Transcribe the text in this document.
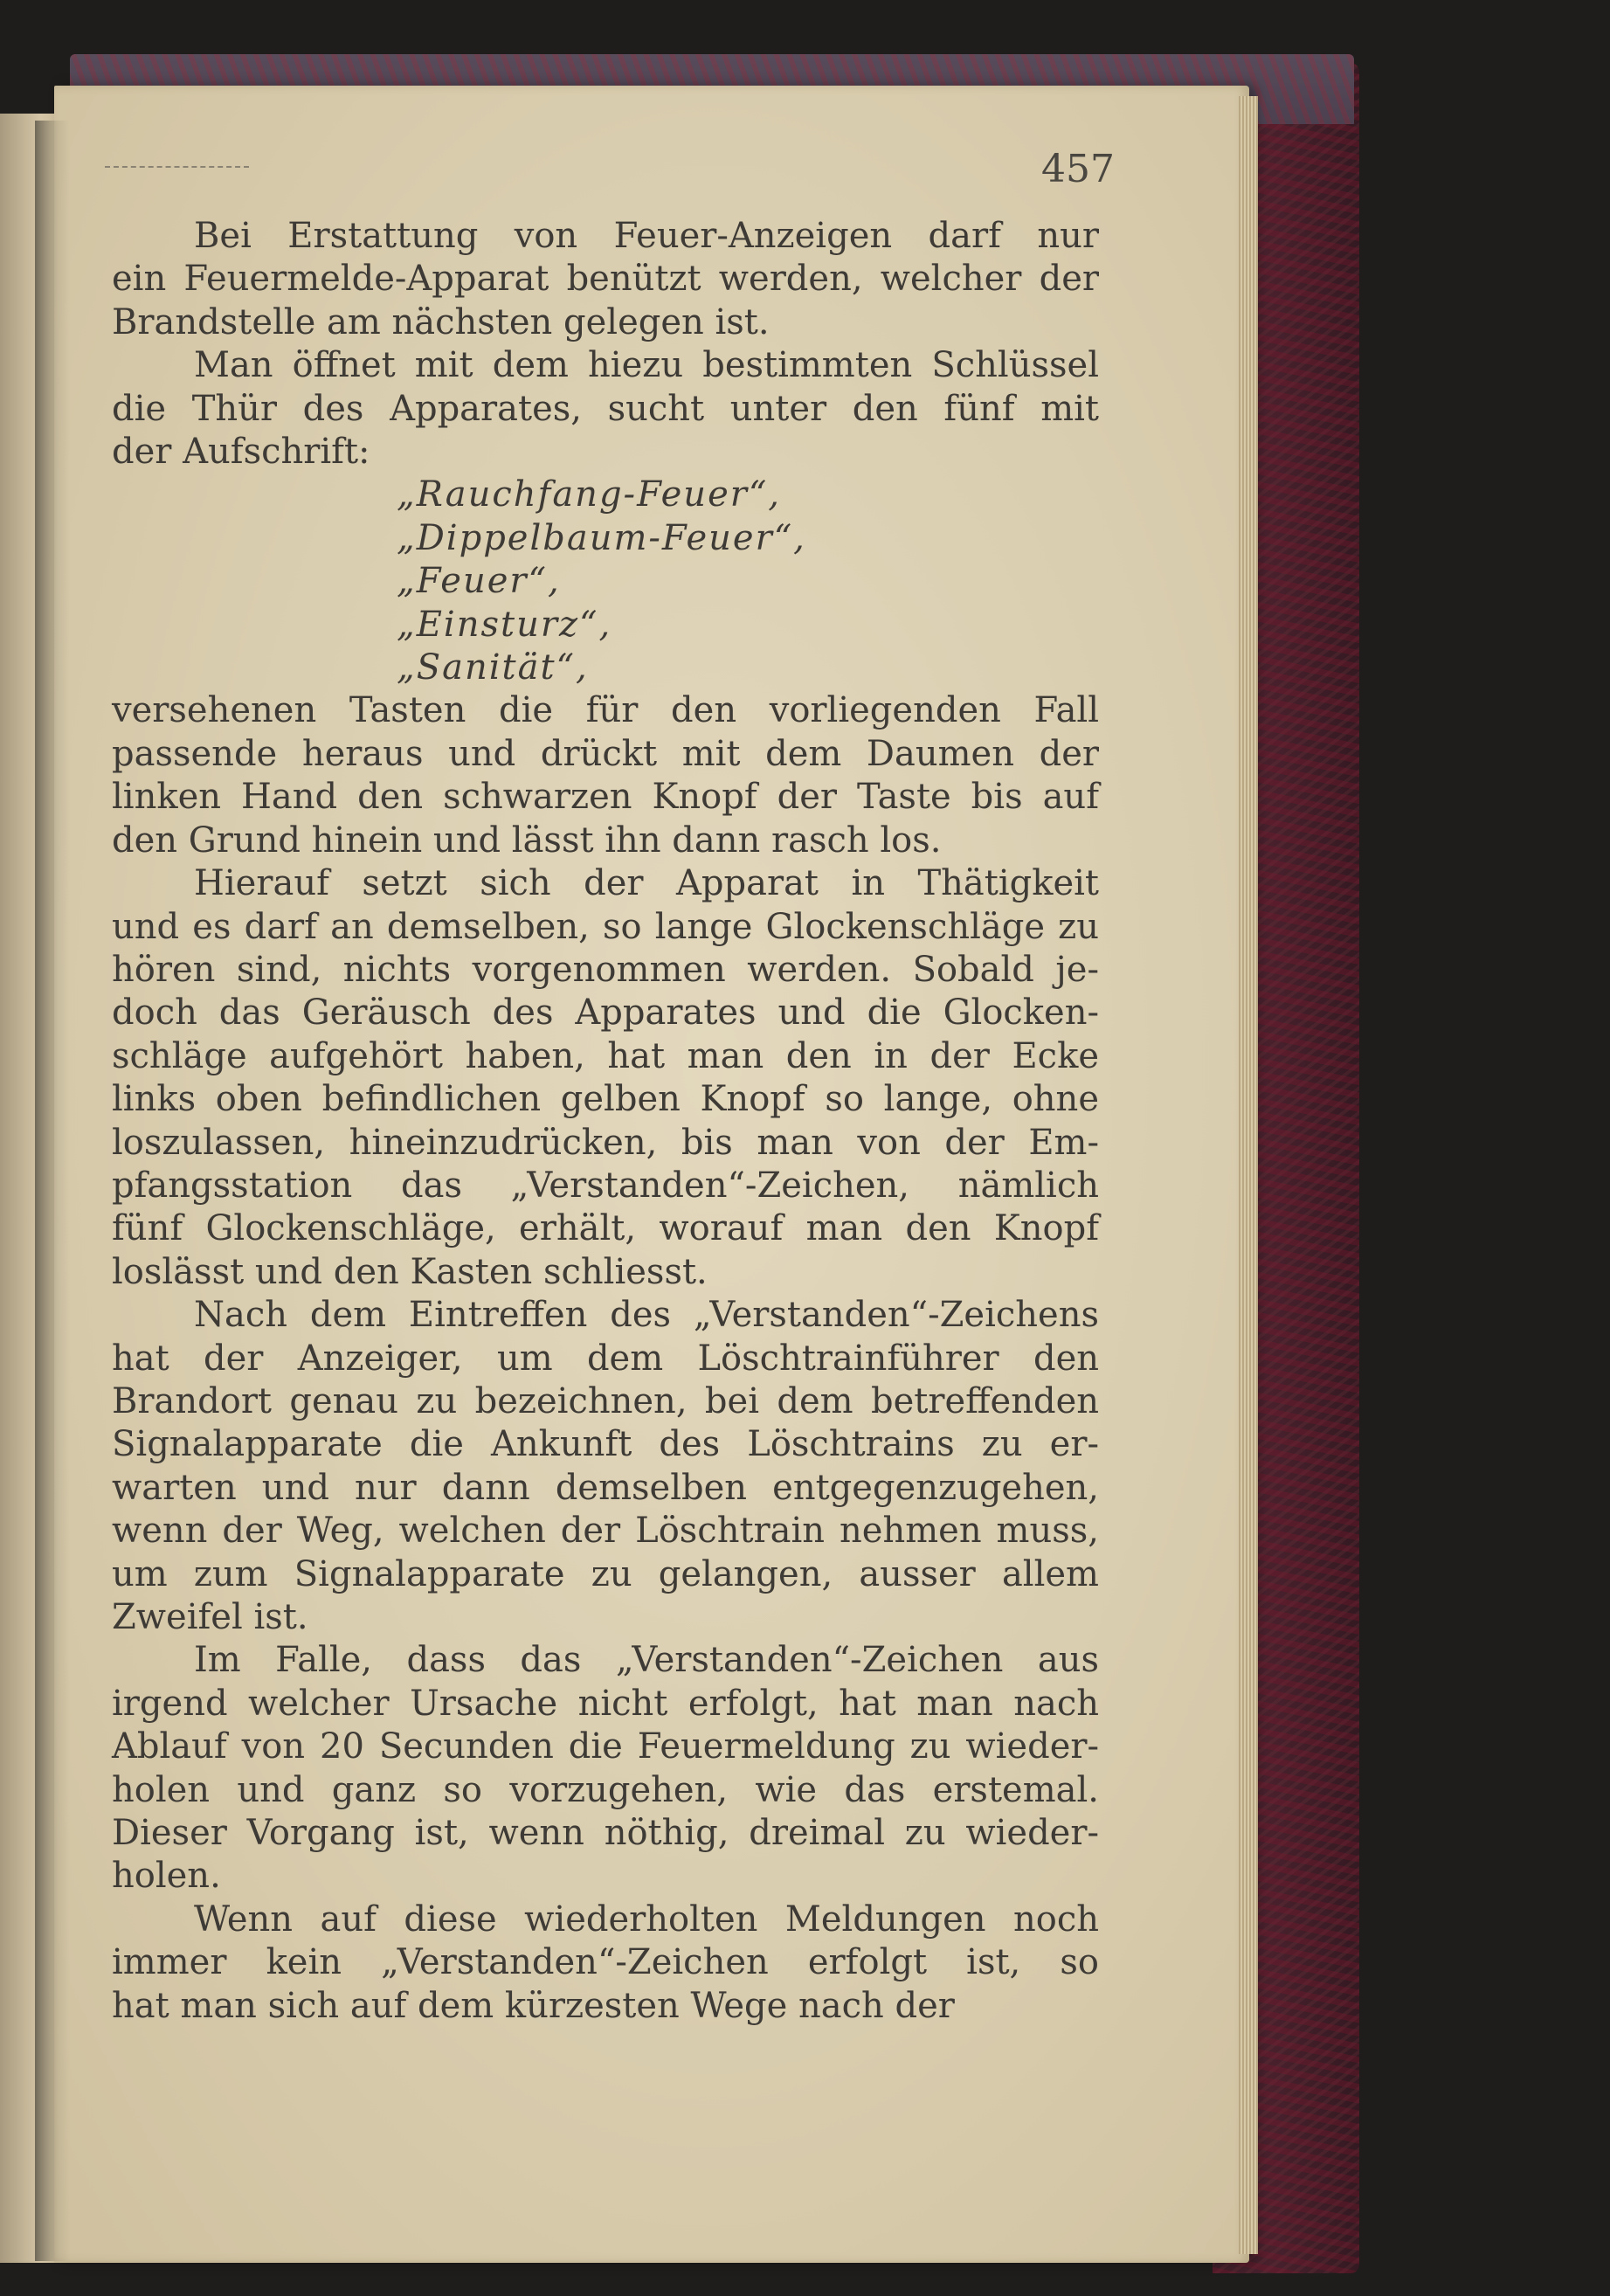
457
Bei Erstattung von Feuer-Anzeigen darf nur
ein Feuermelde-Apparat benützt werden, welcher der
Brandstelle am nächsten gelegen ist.
Man öffnet mit dem hiezu bestimmten Schlüssel
die Thür des Apparates, sucht unter den fünf mit
der Aufschrift:
„Rauchfang-Feuer“,
„Dippelbaum-Feuer“,
„Feuer“,
„Einsturz“,
„Sanität“,
versehenen Tasten die für den vorliegenden Fall
passende heraus und drückt mit dem Daumen der
linken Hand den schwarzen Knopf der Taste bis auf
den Grund hinein und lässt ihn dann rasch los.
Hierauf setzt sich der Apparat in Thätigkeit
und es darf an demselben, so lange Glockenschläge zu
hören sind, nichts vorgenommen werden. Sobald je-
doch das Geräusch des Apparates und die Glocken-
schläge aufgehört haben, hat man den in der Ecke
links oben befindlichen gelben Knopf so lange, ohne
loszulassen, hineinzudrücken, bis man von der Em-
pfangsstation das „Verstanden“-Zeichen, nämlich
fünf Glockenschläge, erhält, worauf man den Knopf
loslässt und den Kasten schliesst.
Nach dem Eintreffen des „Verstanden“-Zeichens
hat der Anzeiger, um dem Löschtrainführer den
Brandort genau zu bezeichnen, bei dem betreffenden
Signalapparate die Ankunft des Löschtrains zu er-
warten und nur dann demselben entgegenzugehen,
wenn der Weg, welchen der Löschtrain nehmen muss,
um zum Signalapparate zu gelangen, ausser allem
Zweifel ist.
Im Falle, dass das „Verstanden“-Zeichen aus
irgend welcher Ursache nicht erfolgt, hat man nach
Ablauf von 20 Secunden die Feuermeldung zu wieder-
holen und ganz so vorzugehen, wie das erstemal.
Dieser Vorgang ist, wenn nöthig, dreimal zu wieder-
holen.
Wenn auf diese wiederholten Meldungen noch
immer kein „Verstanden“-Zeichen erfolgt ist, so
hat man sich auf dem kürzesten Wege nach der
